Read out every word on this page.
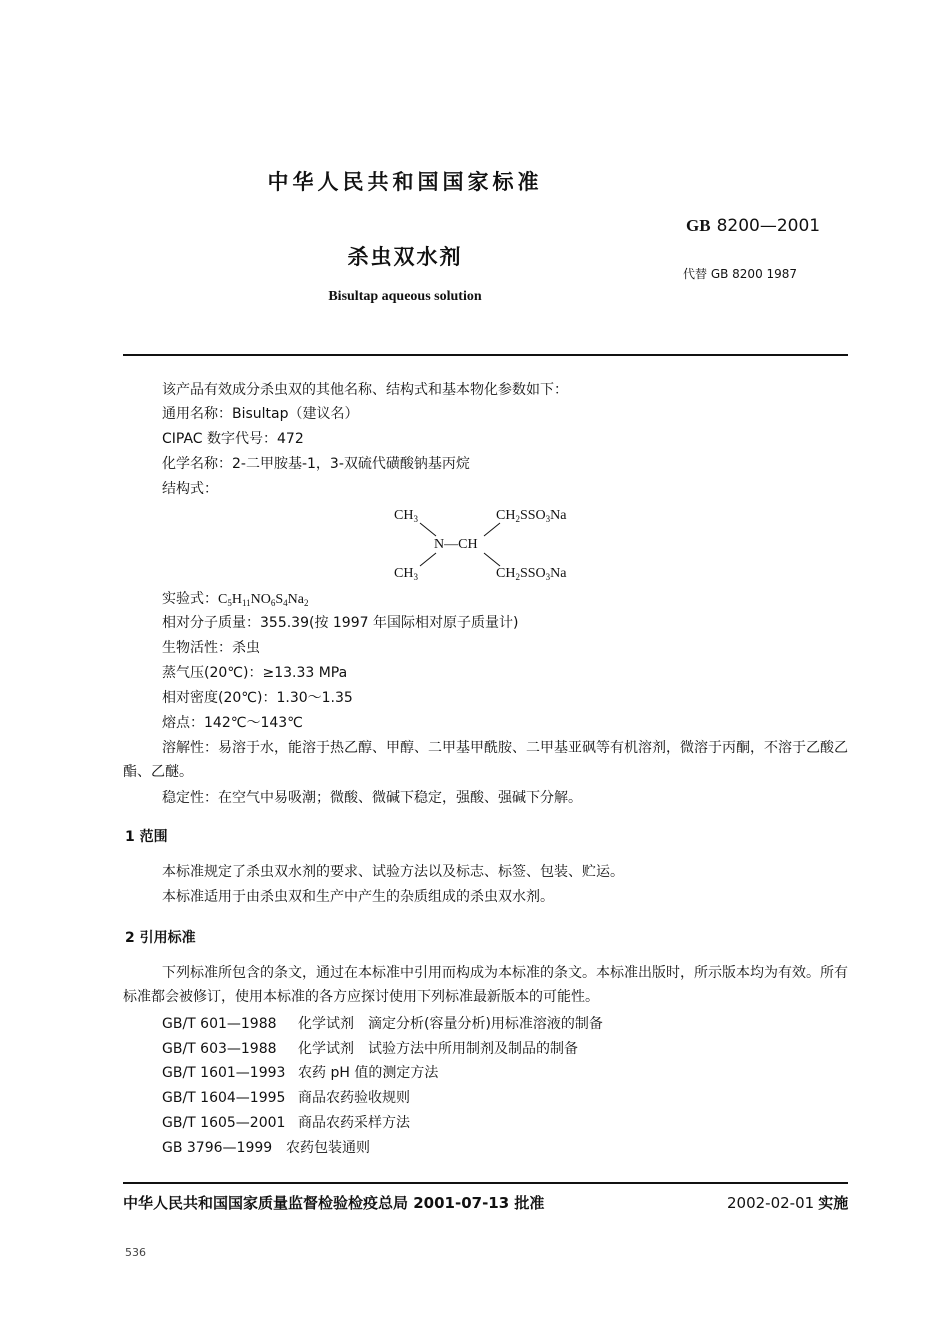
中华人民共和国国家标准
GB 8200—2001
杀虫双水剂
代替 GB 8200 1987
Bisultap aqueous solution
该产品有效成分杀虫双的其他名称、结构式和基本物化参数如下：
通用名称：Bisultap（建议名）
CIPAC 数字代号：472
化学名称：2-二甲胺基-1，3-双硫代磺酸钠基丙烷
结构式：
$CH_3$
$CH_3$
N—CH
$CH_2SSO_3Na$
$CH_2SSO_3Na$
实验式：$C_5H_{11}NO_6S_4Na_2$
相对分子质量：355.39(按 1997 年国际相对原子质量计)
生物活性：杀虫
蒸气压(20℃)：≥13.33 MPa
相对密度(20℃)：1.30～1.35
熔点：142℃～143℃
溶解性：易溶于水，能溶于热乙醇、甲醇、二甲基甲酰胺、二甲基亚砜等有机溶剂，微溶于丙酮，不溶于乙酸乙酯、乙醚。
稳定性：在空气中易吸潮；微酸、微碱下稳定，强酸、强碱下分解。
1 范围
本标准规定了杀虫双水剂的要求、试验方法以及标志、标签、包装、贮运。
本标准适用于由杀虫双和生产中产生的杂质组成的杀虫双水剂。
2 引用标准
下列标准所包含的条文，通过在本标准中引用而构成为本标准的条文。本标准出版时，所示版本均为有效。所有标准都会被修订，使用本标准的各方应探讨使用下列标准最新版本的可能性。
GB/T 601—1988 化学试剂 滴定分析(容量分析)用标准溶液的制备
GB/T 603—1988 化学试剂 试验方法中所用制剂及制品的制备
GB/T 1601—1993 农药 pH 值的测定方法
GB/T 1604—1995 商品农药验收规则
GB/T 1605—2001 商品农药采样方法
GB 3796—1999 农药包装通则
中华人民共和国国家质量监督检验检疫总局 2001-07-13 批准	2002-02-01 实施
536
